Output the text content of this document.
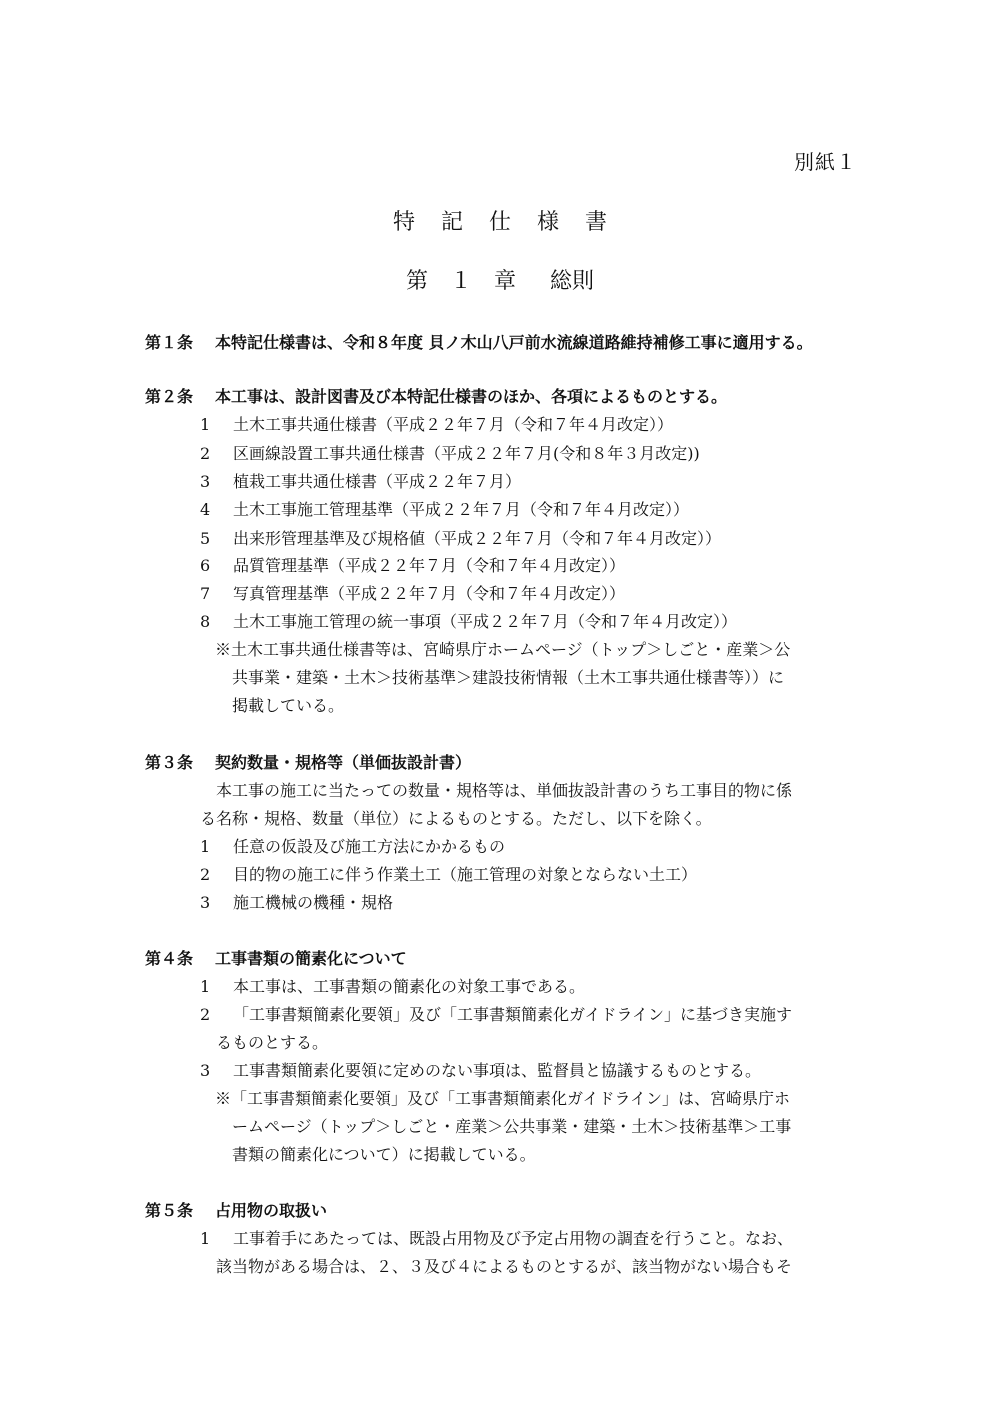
別紙１
特記仕様書
第　１　章 総則
第１条 本特記仕様書は、令和８年度 貝ノ木山八戸前水流線道路維持補修工事に適用する。
第２条 本工事は、設計図書及び本特記仕様書のほか、各項によるものとする。
1 土木工事共通仕様書（平成２２年７月（令和７年４月改定））
2 区画線設置工事共通仕様書（平成２２年７月(令和８年３月改定))
3 植栽工事共通仕様書（平成２２年７月）
4 土木工事施工管理基準（平成２２年７月（令和７年４月改定））
5 出来形管理基準及び規格値（平成２２年７月（令和７年４月改定））
6 品質管理基準（平成２２年７月（令和７年４月改定））
7 写真管理基準（平成２２年７月（令和７年４月改定））
8 土木工事施工管理の統一事項（平成２２年７月（令和７年４月改定））
※土木工事共通仕様書等は、宮崎県庁ホームページ（トップ＞しごと・産業＞公
共事業・建築・土木＞技術基準＞建設技術情報（土木工事共通仕様書等））に
掲載している。
第３条 契約数量・規格等（単価抜設計書）
本工事の施工に当たっての数量・規格等は、単価抜設計書のうち工事目的物に係
る名称・規格、数量（単位）によるものとする。ただし、以下を除く。
1 任意の仮設及び施工方法にかかるもの
2 目的物の施工に伴う作業土工（施工管理の対象とならない土工）
3 施工機械の機種・規格
第４条 工事書類の簡素化について
1 本工事は、工事書類の簡素化の対象工事である。
2 「工事書類簡素化要領」及び「工事書類簡素化ガイドライン」に基づき実施す
るものとする。
3 工事書類簡素化要領に定めのない事項は、監督員と協議するものとする。
※「工事書類簡素化要領」及び「工事書類簡素化ガイドライン」は、宮崎県庁ホ
ームページ（トップ＞しごと・産業＞公共事業・建築・土木＞技術基準＞工事
書類の簡素化について）に掲載している。
第５条 占用物の取扱い
1 工事着手にあたっては、既設占用物及び予定占用物の調査を行うこと。なお、
該当物がある場合は、２、３及び４によるものとするが、該当物がない場合もそ
